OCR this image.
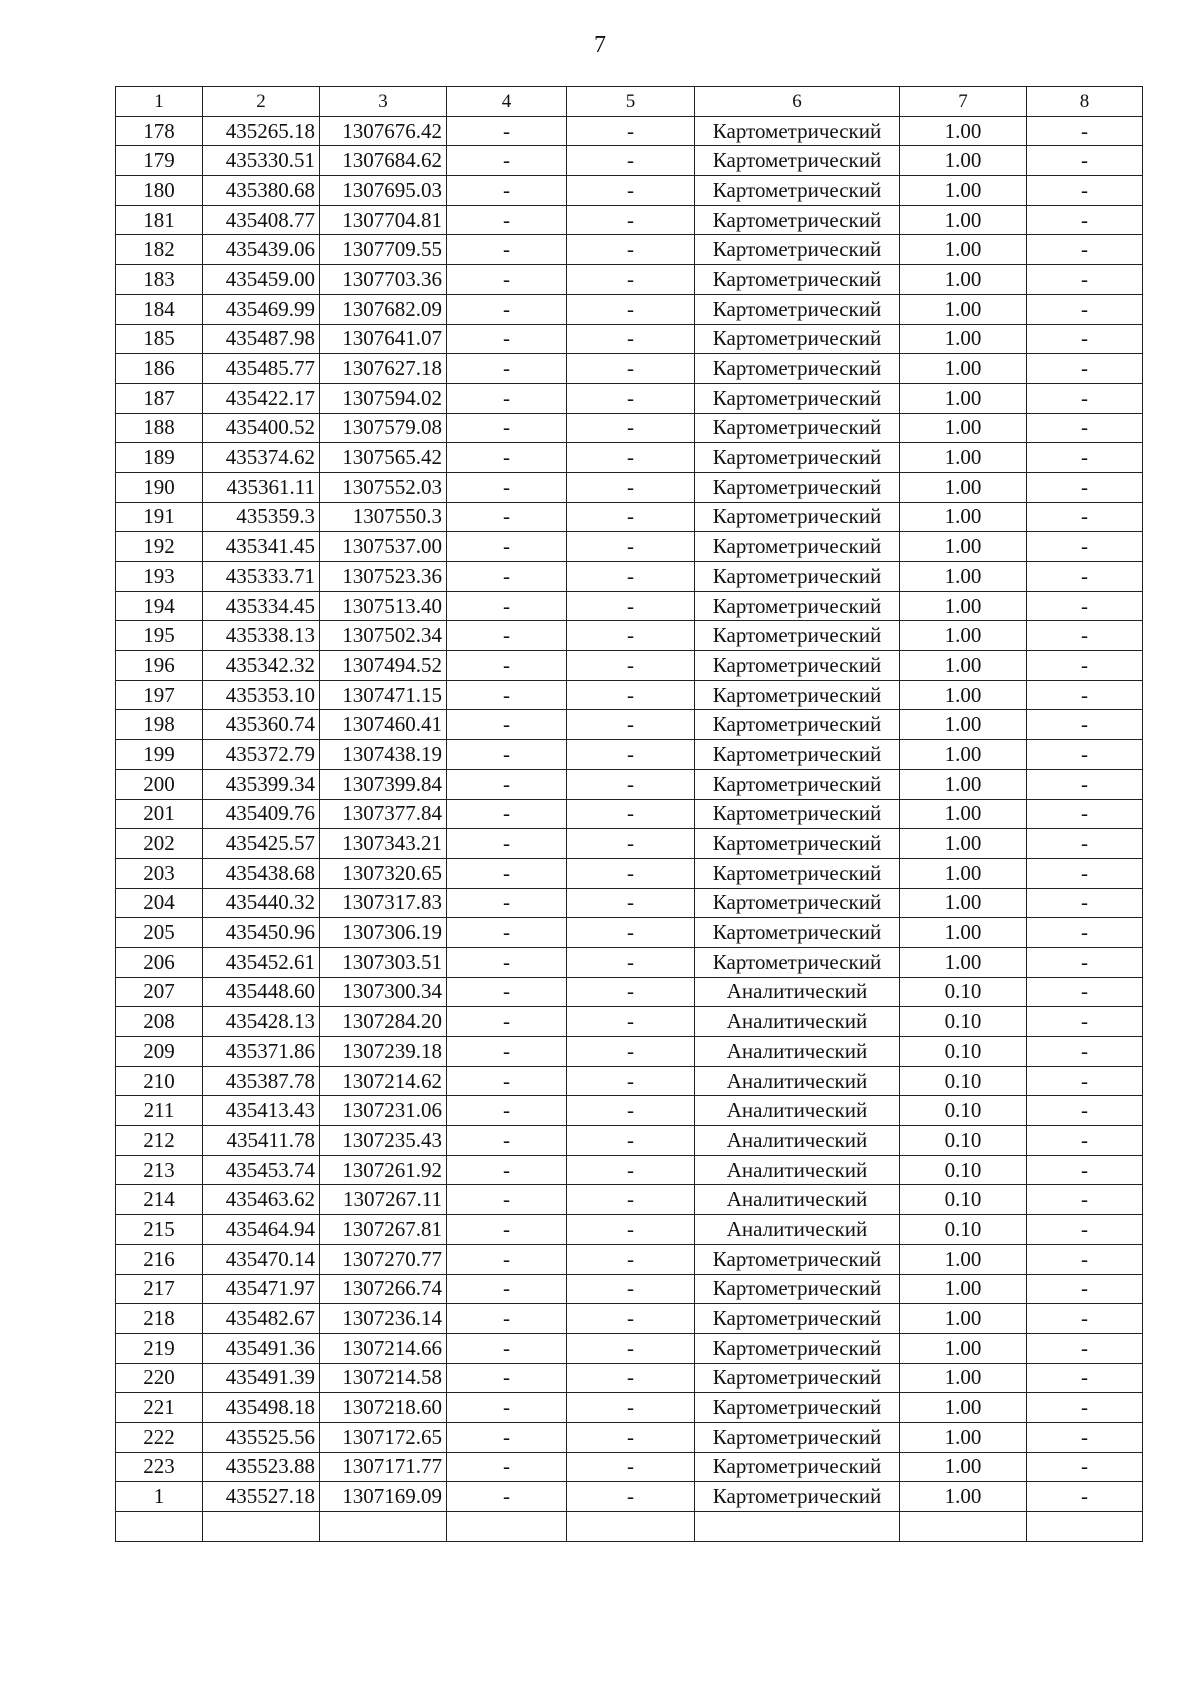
7
1	2	3	4	5	6	7	8
178	435265.18	1307676.42	-	-	Картометрический	1.00	-
179	435330.51	1307684.62	-	-	Картометрический	1.00	-
180	435380.68	1307695.03	-	-	Картометрический	1.00	-
181	435408.77	1307704.81	-	-	Картометрический	1.00	-
182	435439.06	1307709.55	-	-	Картометрический	1.00	-
183	435459.00	1307703.36	-	-	Картометрический	1.00	-
184	435469.99	1307682.09	-	-	Картометрический	1.00	-
185	435487.98	1307641.07	-	-	Картометрический	1.00	-
186	435485.77	1307627.18	-	-	Картометрический	1.00	-
187	435422.17	1307594.02	-	-	Картометрический	1.00	-
188	435400.52	1307579.08	-	-	Картометрический	1.00	-
189	435374.62	1307565.42	-	-	Картометрический	1.00	-
190	435361.11	1307552.03	-	-	Картометрический	1.00	-
191	435359.3	1307550.3	-	-	Картометрический	1.00	-
192	435341.45	1307537.00	-	-	Картометрический	1.00	-
193	435333.71	1307523.36	-	-	Картометрический	1.00	-
194	435334.45	1307513.40	-	-	Картометрический	1.00	-
195	435338.13	1307502.34	-	-	Картометрический	1.00	-
196	435342.32	1307494.52	-	-	Картометрический	1.00	-
197	435353.10	1307471.15	-	-	Картометрический	1.00	-
198	435360.74	1307460.41	-	-	Картометрический	1.00	-
199	435372.79	1307438.19	-	-	Картометрический	1.00	-
200	435399.34	1307399.84	-	-	Картометрический	1.00	-
201	435409.76	1307377.84	-	-	Картометрический	1.00	-
202	435425.57	1307343.21	-	-	Картометрический	1.00	-
203	435438.68	1307320.65	-	-	Картометрический	1.00	-
204	435440.32	1307317.83	-	-	Картометрический	1.00	-
205	435450.96	1307306.19	-	-	Картометрический	1.00	-
206	435452.61	1307303.51	-	-	Картометрический	1.00	-
207	435448.60	1307300.34	-	-	Аналитический	0.10	-
208	435428.13	1307284.20	-	-	Аналитический	0.10	-
209	435371.86	1307239.18	-	-	Аналитический	0.10	-
210	435387.78	1307214.62	-	-	Аналитический	0.10	-
211	435413.43	1307231.06	-	-	Аналитический	0.10	-
212	435411.78	1307235.43	-	-	Аналитический	0.10	-
213	435453.74	1307261.92	-	-	Аналитический	0.10	-
214	435463.62	1307267.11	-	-	Аналитический	0.10	-
215	435464.94	1307267.81	-	-	Аналитический	0.10	-
216	435470.14	1307270.77	-	-	Картометрический	1.00	-
217	435471.97	1307266.74	-	-	Картометрический	1.00	-
218	435482.67	1307236.14	-	-	Картометрический	1.00	-
219	435491.36	1307214.66	-	-	Картометрический	1.00	-
220	435491.39	1307214.58	-	-	Картометрический	1.00	-
221	435498.18	1307218.60	-	-	Картометрический	1.00	-
222	435525.56	1307172.65	-	-	Картометрический	1.00	-
223	435523.88	1307171.77	-	-	Картометрический	1.00	-
1	435527.18	1307169.09	-	-	Картометрический	1.00	-
